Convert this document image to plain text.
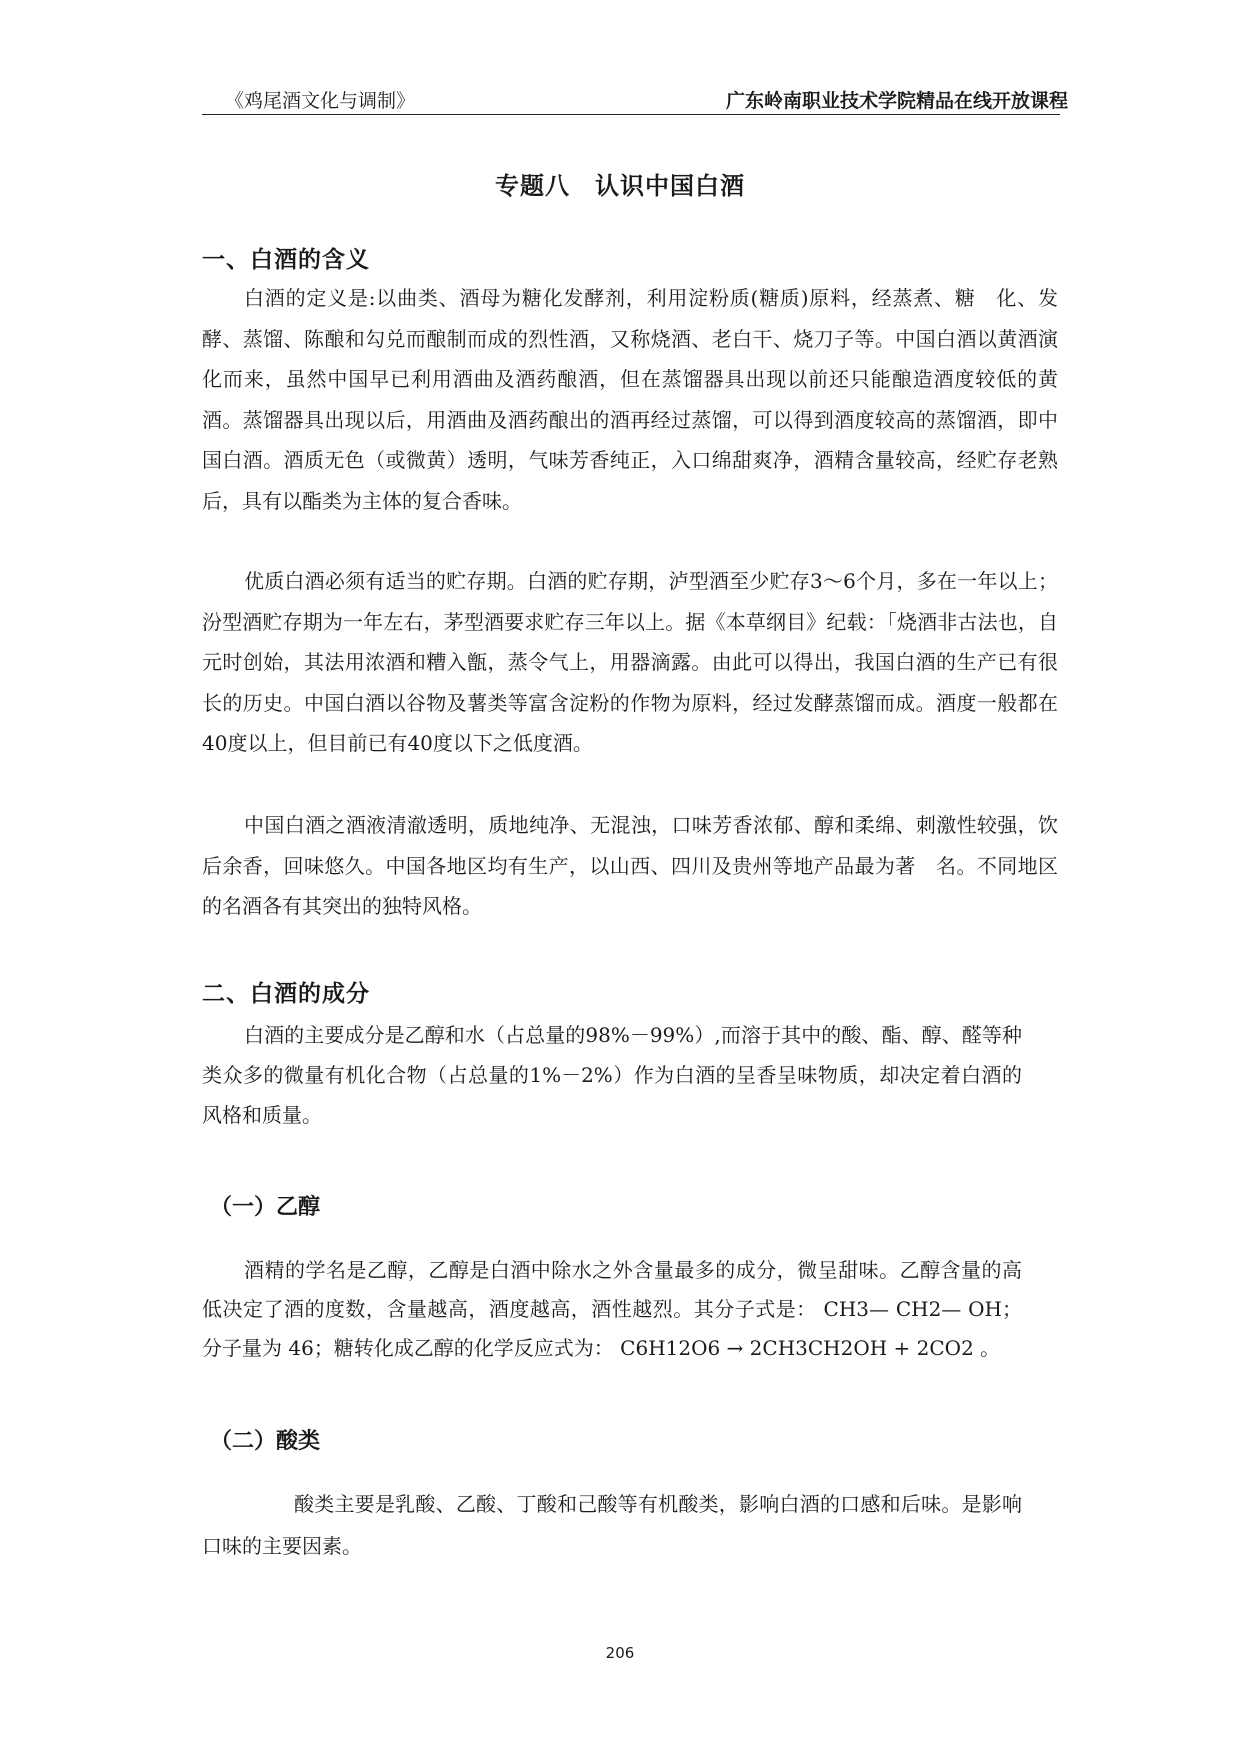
《鸡尾酒文化与调制》	广东岭南职业技术学院精品在线开放课程
专题八　认识中国白酒
一、白酒的含义

白酒的定义是:以曲类、酒母为糖化发酵剂，利用淀粉质(糖质)原料，经蒸煮、糖　化、发酵、蒸馏、陈酿和勾兑而酿制而成的烈性酒，又称烧酒、老白干、烧刀子等。中国白酒以黄酒演化而来，虽然中国早已利用酒曲及酒药酿酒，但在蒸馏器具出现以前还只能酿造酒度较低的黄酒。蒸馏器具出现以后，用酒曲及酒药酿出的酒再经过蒸馏，可以得到酒度较高的蒸馏酒，即中国白酒。酒质无色（或微黄）透明，气味芳香纯正，入口绵甜爽净，酒精含量较高，经贮存老熟后，具有以酯类为主体的复合香味。

优质白酒必须有适当的贮存期。白酒的贮存期，泸型酒至少贮存3～6个月，多在一年以上；汾型酒贮存期为一年左右，茅型酒要求贮存三年以上。据《本草纲目》纪载：「烧酒非古法也，自元时创始，其法用浓酒和糟入甑，蒸令气上，用器滴露。由此可以得出，我国白酒的生产已有很长的历史。中国白酒以谷物及薯类等富含淀粉的作物为原料，经过发酵蒸馏而成。酒度一般都在40度以上，但目前已有40度以下之低度酒。

中国白酒之酒液清澈透明，质地纯净、无混浊，口味芳香浓郁、醇和柔绵、刺激性较强，饮后余香，回味悠久。中国各地区均有生产，以山西、四川及贵州等地产品最为著　名。不同地区的名酒各有其突出的独特风格。

二、白酒的成分

白酒的主要成分是乙醇和水（占总量的98%－99%）,而溶于其中的酸、酯、醇、醛等种类众多的微量有机化合物（占总量的1%－2%）作为白酒的呈香呈味物质，却决定着白酒的风格和质量。

（一）乙醇

酒精的学名是乙醇，乙醇是白酒中除水之外含量最多的成分，微呈甜味。乙醇含量的高低决定了酒的度数，含量越高，酒度越高，酒性越烈。其分子式是： CH3— CH2— OH；分子量为 46；糖转化成乙醇的化学反应式为： C6H12O6 → 2CH3CH2OH + 2CO2 。

（二）酸类

酸类主要是乳酸、乙酸、丁酸和己酸等有机酸类，影响白酒的口感和后味。是影响口味的主要因素。

206
